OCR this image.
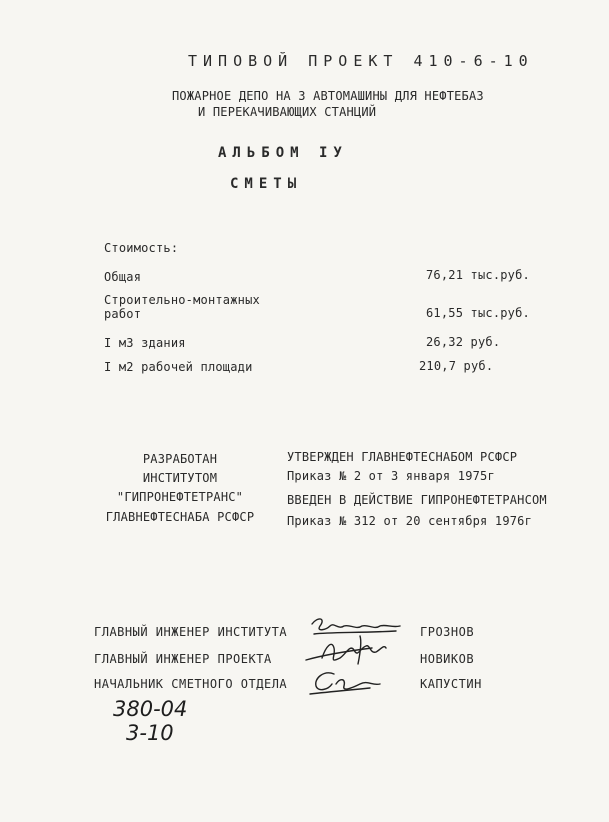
ТИПОВОЙ ПРОЕКТ 410-6-10
ПОЖАРНОЕ ДЕПО НА 3 АВТОМАШИНЫ ДЛЯ НЕФТЕБАЗ
И ПЕРЕКАЧИВАЮЩИХ СТАНЦИЙ
АЛЬБОМ IУ
СМЕТЫ
Стоимость:
Общая	76,21 тыс.руб.
Строительно-монтажных
работ	61,55 тыс.руб.
I м3 здания	26,32 руб.
I м2 рабочей площади	210,7 руб.
РАЗРАБОТАН
ИНСТИТУТОМ
"ГИПРОНЕФТЕТРАНС"
ГЛАВНЕФТЕСНАБА РСФСР
УТВЕРЖДЕН ГЛАВНЕФТЕСНАБОМ РСФСР
Приказ № 2 от 3 января 1975г
ВВЕДЕН В ДЕЙСТВИЕ ГИПРОНЕФТЕТРАНСОМ
Приказ № 312 от 20 сентября 1976г
ГЛАВНЫЙ ИНЖЕНЕР ИНСТИТУТА	ГРОЗНОВ
ГЛАВНЫЙ ИНЖЕНЕР ПРОЕКТА	НОВИКОВ
НАЧАЛЬНИК СМЕТНОГО ОТДЕЛА	КАПУСТИН
380-04
3-10
